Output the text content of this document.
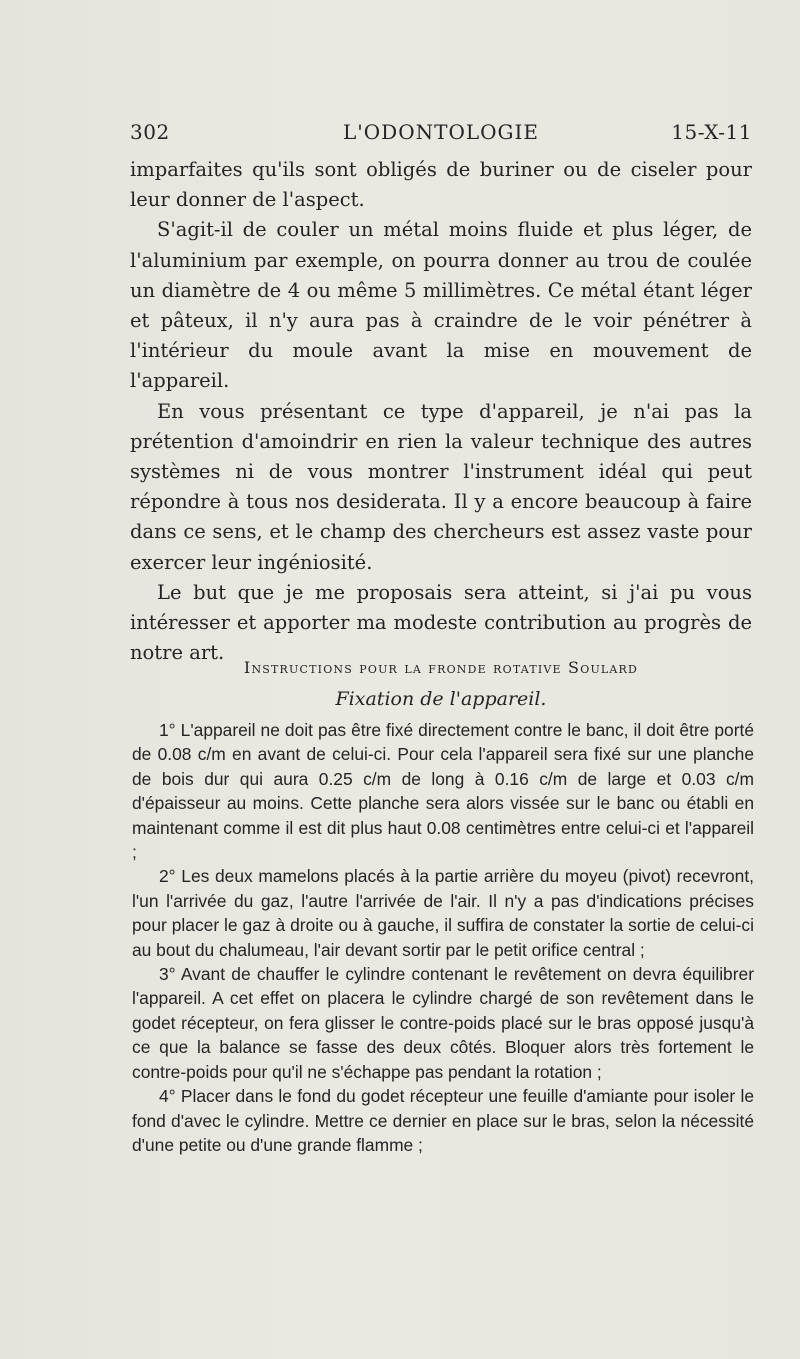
302	L'ODONTOLOGIE	15-X-11

imparfaites qu'ils sont obligés de buriner ou de ciseler pour leur donner de l'aspect.

S'agit-il de couler un métal moins fluide et plus léger, de l'aluminium par exemple, on pourra donner au trou de coulée un diamètre de 4 ou même 5 millimètres. Ce métal étant léger et pâteux, il n'y aura pas à craindre de le voir pénétrer à l'intérieur du moule avant la mise en mouvement de l'appareil.

En vous présentant ce type d'appareil, je n'ai pas la prétention d'amoindrir en rien la valeur technique des autres systèmes ni de vous montrer l'instrument idéal qui peut répondre à tous nos desiderata. Il y a encore beaucoup à faire dans ce sens, et le champ des chercheurs est assez vaste pour exercer leur ingéniosité.

Le but que je me proposais sera atteint, si j'ai pu vous intéresser et apporter ma modeste contribution au progrès de notre art.

Instructions pour la fronde rotative Soulard
Fixation de l'appareil.

1° L'appareil ne doit pas être fixé directement contre le banc, il doit être porté de 0.08 c/m en avant de celui-ci. Pour cela l'appareil sera fixé sur une planche de bois dur qui aura 0.25 c/m de long à 0.16 c/m de large et 0.03 c/m d'épaisseur au moins. Cette planche sera alors vissée sur le banc ou établi en maintenant comme il est dit plus haut 0.08 centimètres entre celui-ci et l'appareil ;

2° Les deux mamelons placés à la partie arrière du moyeu (pivot) recevront, l'un l'arrivée du gaz, l'autre l'arrivée de l'air. Il n'y a pas d'indications précises pour placer le gaz à droite ou à gauche, il suffira de constater la sortie de celui-ci au bout du chalumeau, l'air devant sortir par le petit orifice central ;

3° Avant de chauffer le cylindre contenant le revêtement on devra équilibrer l'appareil. A cet effet on placera le cylindre chargé de son revêtement dans le godet récepteur, on fera glisser le contre-poids placé sur le bras opposé jusqu'à ce que la balance se fasse des deux côtés. Bloquer alors très fortement le contre-poids pour qu'il ne s'échappe pas pendant la rotation ;

4° Placer dans le fond du godet récepteur une feuille d'amiante pour isoler le fond d'avec le cylindre. Mettre ce dernier en place sur le bras, selon la nécessité d'une petite ou d'une grande flamme ;
